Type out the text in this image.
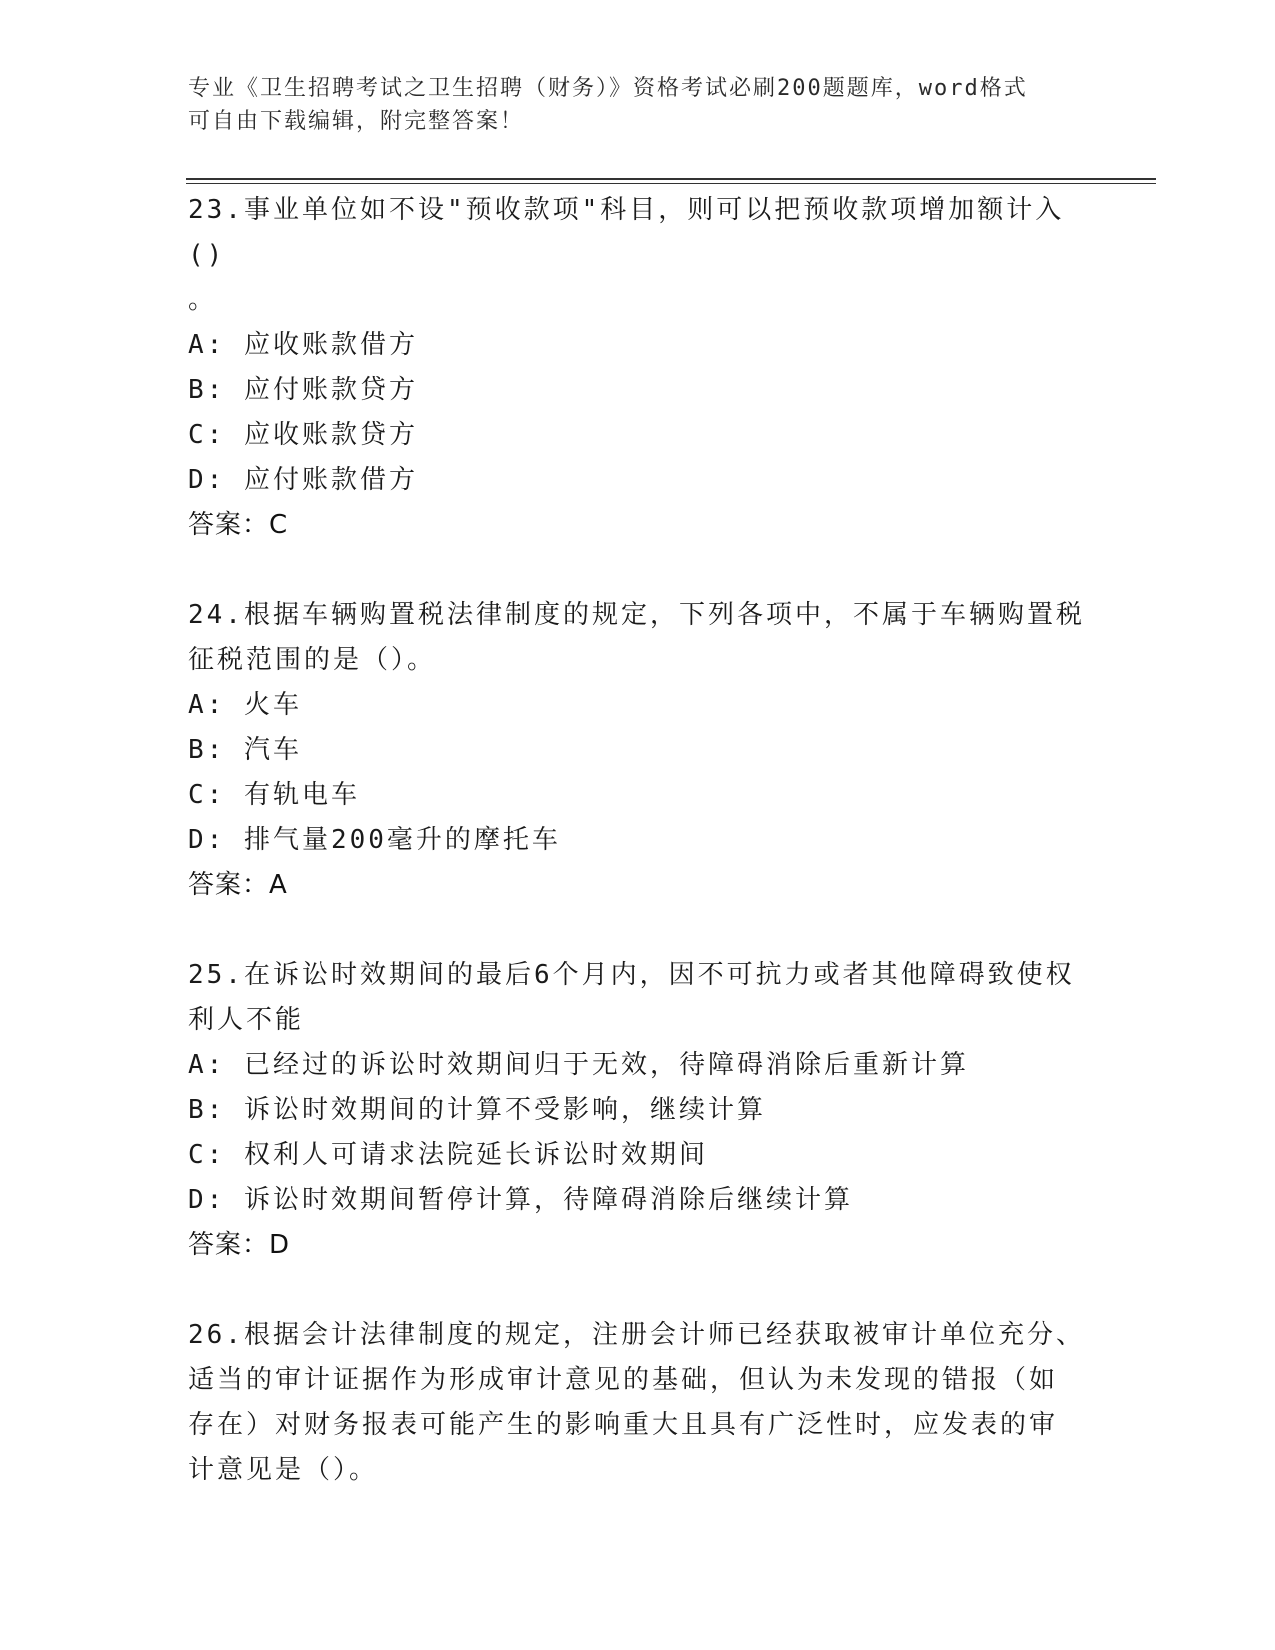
专业《卫生招聘考试之卫生招聘（财务）》资格考试必刷200题题库，word格式

可自由下载编辑，附完整答案！

23.事业单位如不设"预收款项"科目，则可以把预收款项增加额计入()

。

A: 应收账款借方

B: 应付账款贷方

C: 应收账款贷方

D: 应付账款借方

答案：C

24.根据车辆购置税法律制度的规定，下列各项中，不属于车辆购置税

征税范围的是（）。

A: 火车

B: 汽车

C: 有轨电车

D: 排气量200毫升的摩托车

答案：A

25.在诉讼时效期间的最后6个月内，因不可抗力或者其他障碍致使权

利人不能

A: 已经过的诉讼时效期间归于无效，待障碍消除后重新计算

B: 诉讼时效期间的计算不受影响，继续计算

C: 权利人可请求法院延长诉讼时效期间

D: 诉讼时效期间暂停计算，待障碍消除后继续计算

答案：D

26.根据会计法律制度的规定，注册会计师已经获取被审计单位充分、

适当的审计证据作为形成审计意见的基础，但认为未发现的错报（如

存在）对财务报表可能产生的影响重大且具有广泛性时，应发表的审

计意见是（）。
